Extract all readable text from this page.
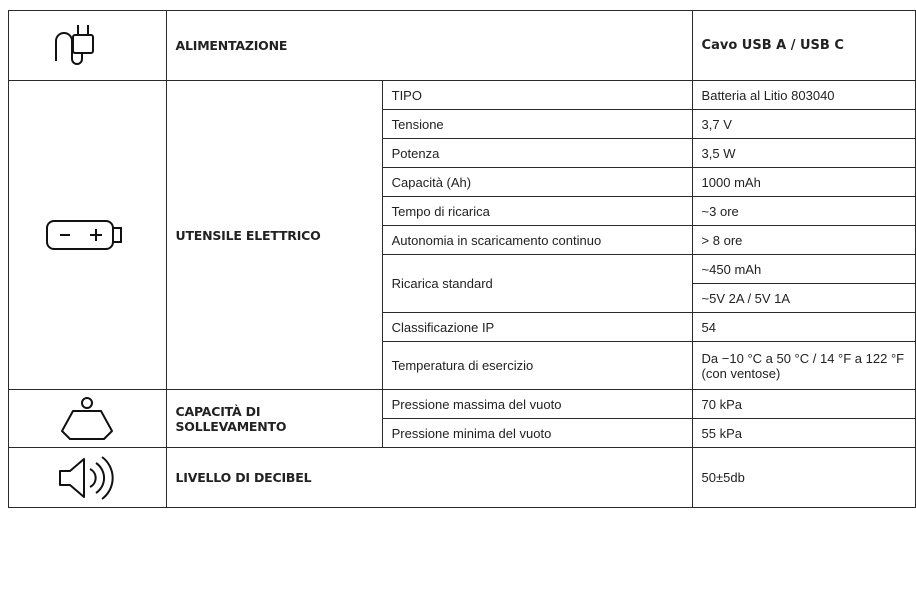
	ALIMENTAZIONE		Cavo USB A / USB C

	UTENSILE ELETTRICO	TIPO	Batteria al Litio 803040
		Tensione	3,7 V
		Potenza	3,5 W
		Capacità (Ah)	1000 mAh
		Tempo di ricarica	~3 ore
		Autonomia in scaricamento continuo	> 8 ore
		Ricarica standard	~450 mAh
			~5V 2A / 5V 1A
		Classificazione IP	54
		Temperatura di esercizio	Da −10 °C a 50 °C / 14 °F a 122 °F (con ventose)

	CAPACITÀ DI SOLLEVAMENTO	Pressione massima del vuoto	70 kPa
		Pressione minima del vuoto	55 kPa

	LIVELLO DI DECIBEL		50±5db
